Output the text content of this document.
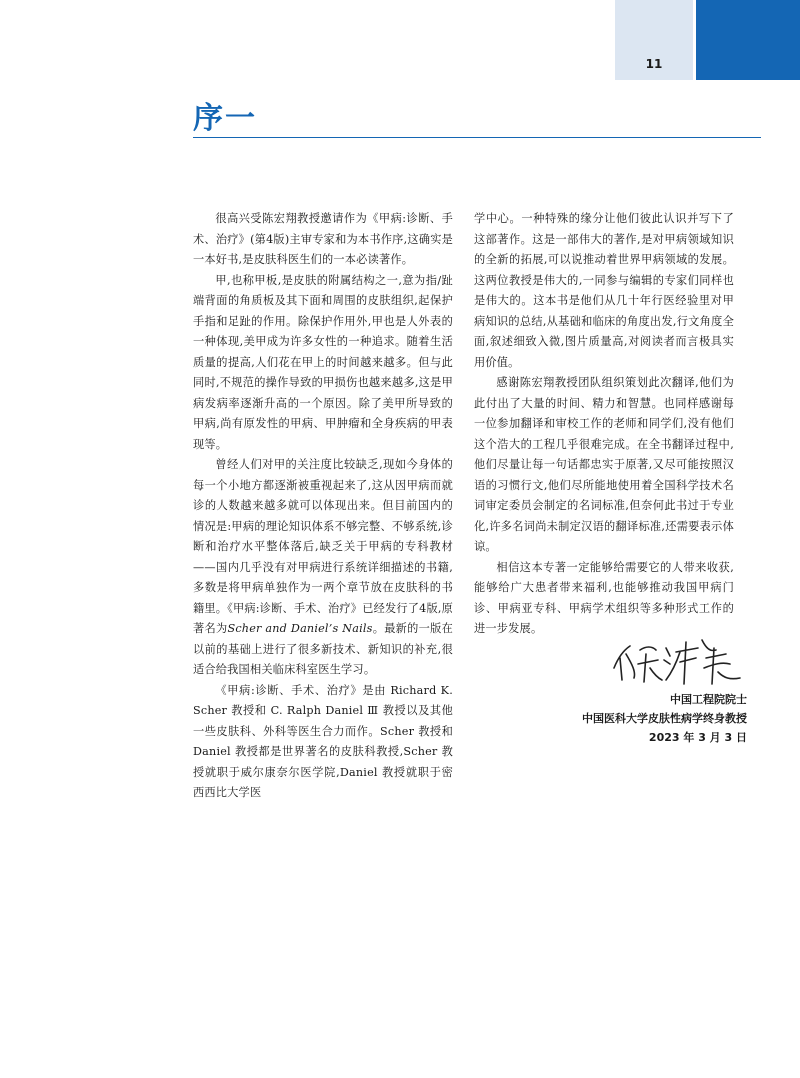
11
序一

很高兴受陈宏翔教授邀请作为《甲病:诊断、手术、治疗》(第4版)主审专家和为本书作序,这确实是一本好书,是皮肤科医生们的一本必读著作。

甲,也称甲板,是皮肤的附属结构之一,意为指/趾端背面的角质板及其下面和周围的皮肤组织,起保护手指和足趾的作用。除保护作用外,甲也是人外表的一种体现,美甲成为许多女性的一种追求。随着生活质量的提高,人们花在甲上的时间越来越多。但与此同时,不规范的操作导致的甲损伤也越来越多,这是甲病发病率逐渐升高的一个原因。除了美甲所导致的甲病,尚有原发性的甲病、甲肿瘤和全身疾病的甲表现等。

曾经人们对甲的关注度比较缺乏,现如今身体的每一个小地方都逐渐被重视起来了,这从因甲病而就诊的人数越来越多就可以体现出来。但目前国内的情况是:甲病的理论知识体系不够完整、不够系统,诊断和治疗水平整体落后,缺乏关于甲病的专科教材——国内几乎没有对甲病进行系统详细描述的书籍,多数是将甲病单独作为一两个章节放在皮肤科的书籍里。《甲病:诊断、手术、治疗》已经发行了4版,原著名为Scher and Daniel’s Nails。最新的一版在以前的基础上进行了很多新技术、新知识的补充,很适合给我国相关临床科室医生学习。

《甲病:诊断、手术、治疗》是由 Richard K. Scher 教授和 C. Ralph Daniel Ⅲ 教授以及其他一些皮肤科、外科等医生合力而作。Scher 教授和Daniel 教授都是世界著名的皮肤科教授,Scher 教授就职于威尔康奈尔医学院,Daniel 教授就职于密西西比大学医

学中心。一种特殊的缘分让他们彼此认识并写下了这部著作。这是一部伟大的著作,是对甲病领域知识的全新的拓展,可以说推动着世界甲病领域的发展。这两位教授是伟大的,一同参与编辑的专家们同样也是伟大的。这本书是他们从几十年行医经验里对甲病知识的总结,从基础和临床的角度出发,行文角度全面,叙述细致入微,图片质量高,对阅读者而言极具实用价值。

感谢陈宏翔教授团队组织策划此次翻译,他们为此付出了大量的时间、精力和智慧。也同样感谢每一位参加翻译和审校工作的老师和同学们,没有他们这个浩大的工程几乎很难完成。在全书翻译过程中,他们尽量让每一句话都忠实于原著,又尽可能按照汉语的习惯行文,他们尽所能地使用着全国科学技术名词审定委员会制定的名词标准,但奈何此书过于专业化,许多名词尚未制定汉语的翻译标准,还需要表示体谅。

相信这本专著一定能够给需要它的人带来收获,能够给广大患者带来福利,也能够推动我国甲病门诊、甲病亚专科、甲病学术组织等多种形式工作的进一步发展。

中国工程院院士
中国医科大学皮肤性病学终身教授
2023 年 3 月 3 日
